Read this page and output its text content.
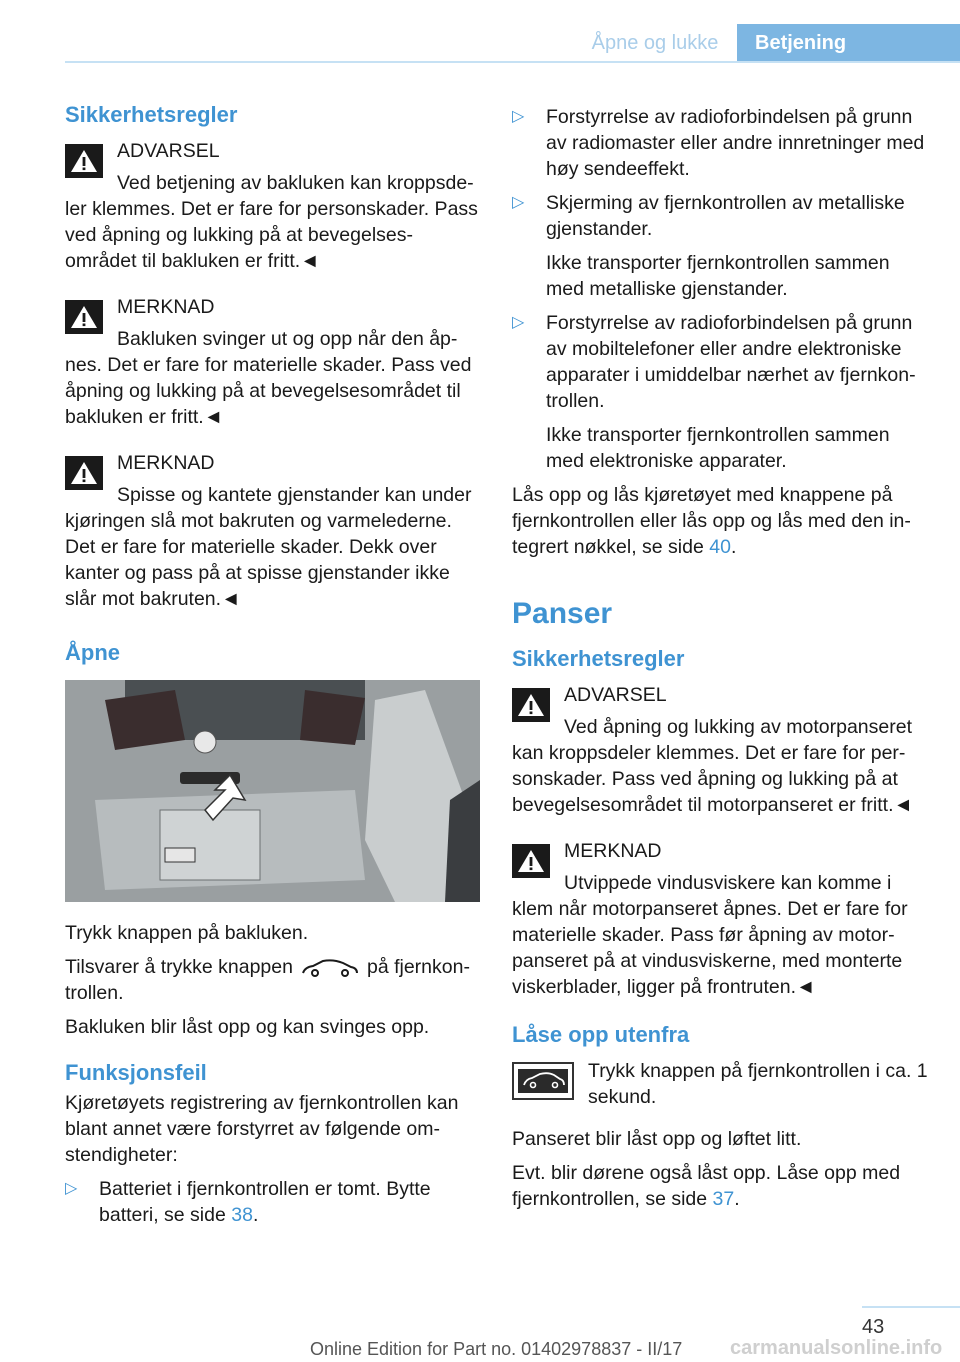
Åpne og lukke	Betjening
Sikkerhetsregler
ADVARSEL
Ved betjening av bakluken kan kroppsde-ler klemmes. Det er fare for personskader. Pass ved åpning og lukking på at bevegelses-området til bakluken er fritt.◄
MERKNAD
Bakluken svinger ut og opp når den åp-nes. Det er fare for materielle skader. Pass ved åpning og lukking på at bevegelsesområdet til bakluken er fritt.◄
MERKNAD
Spisse og kantete gjenstander kan under kjøringen slå mot bakruten og varmelederne. Det er fare for materielle skader. Dekk over kanter og pass på at spisse gjenstander ikke slår mot bakruten.◄
Åpne

Trykk knappen på bakluken.

Tilsvarer å trykke knappen	på fjernkon-trollen.

Bakluken blir låst opp og kan svinges opp.

Funksjonsfeil

Kjøretøyets registrering av fjernkontrollen kan blant annet være forstyrret av følgende om-stendigheter:

▷ Batteriet i fjernkontrollen er tomt. Bytte batteri, se side 38.

▷ Forstyrrelse av radioforbindelsen på grunn av radiomaster eller andre innretninger med høy sendeeffekt.

▷ Skjerming av fjernkontrollen av metalliske gjenstander.

Ikke transporter fjernkontrollen sammen med metalliske gjenstander.

▷ Forstyrrelse av radioforbindelsen på grunn av mobiltelefoner eller andre elektroniske apparater i umiddelbar nærhet av fjernkon-trollen.

Ikke transporter fjernkontrollen sammen med elektroniske apparater.

Lås opp og lås kjøretøyet med knappene på fjernkontrollen eller lås opp og lås med den in-tegrert nøkkel, se side 40.

Panser
Sikkerhetsregler
ADVARSEL
Ved åpning og lukking av motorpanseret kan kroppsdeler klemmes. Det er fare for per-sonskader. Pass ved åpning og lukking på at bevegelsesområdet til motorpanseret er fritt.◄
MERKNAD
Utvippede vindusviskere kan komme i klem når motorpanseret åpnes. Det er fare for materielle skader. Pass før åpning av motor-panseret på at vindusviskerne, med monterte viskerblader, ligger på frontruten.◄
Låse opp utenfra

Trykk knappen på fjernkontrollen i ca. 1 sekund.

Panseret blir låst opp og løftet litt.

Evt. blir dørene også låst opp. Låse opp med fjernkontrollen, se side 37.

43
Online Edition for Part no. 01402978837 - II/17 carmanualsonline.info
